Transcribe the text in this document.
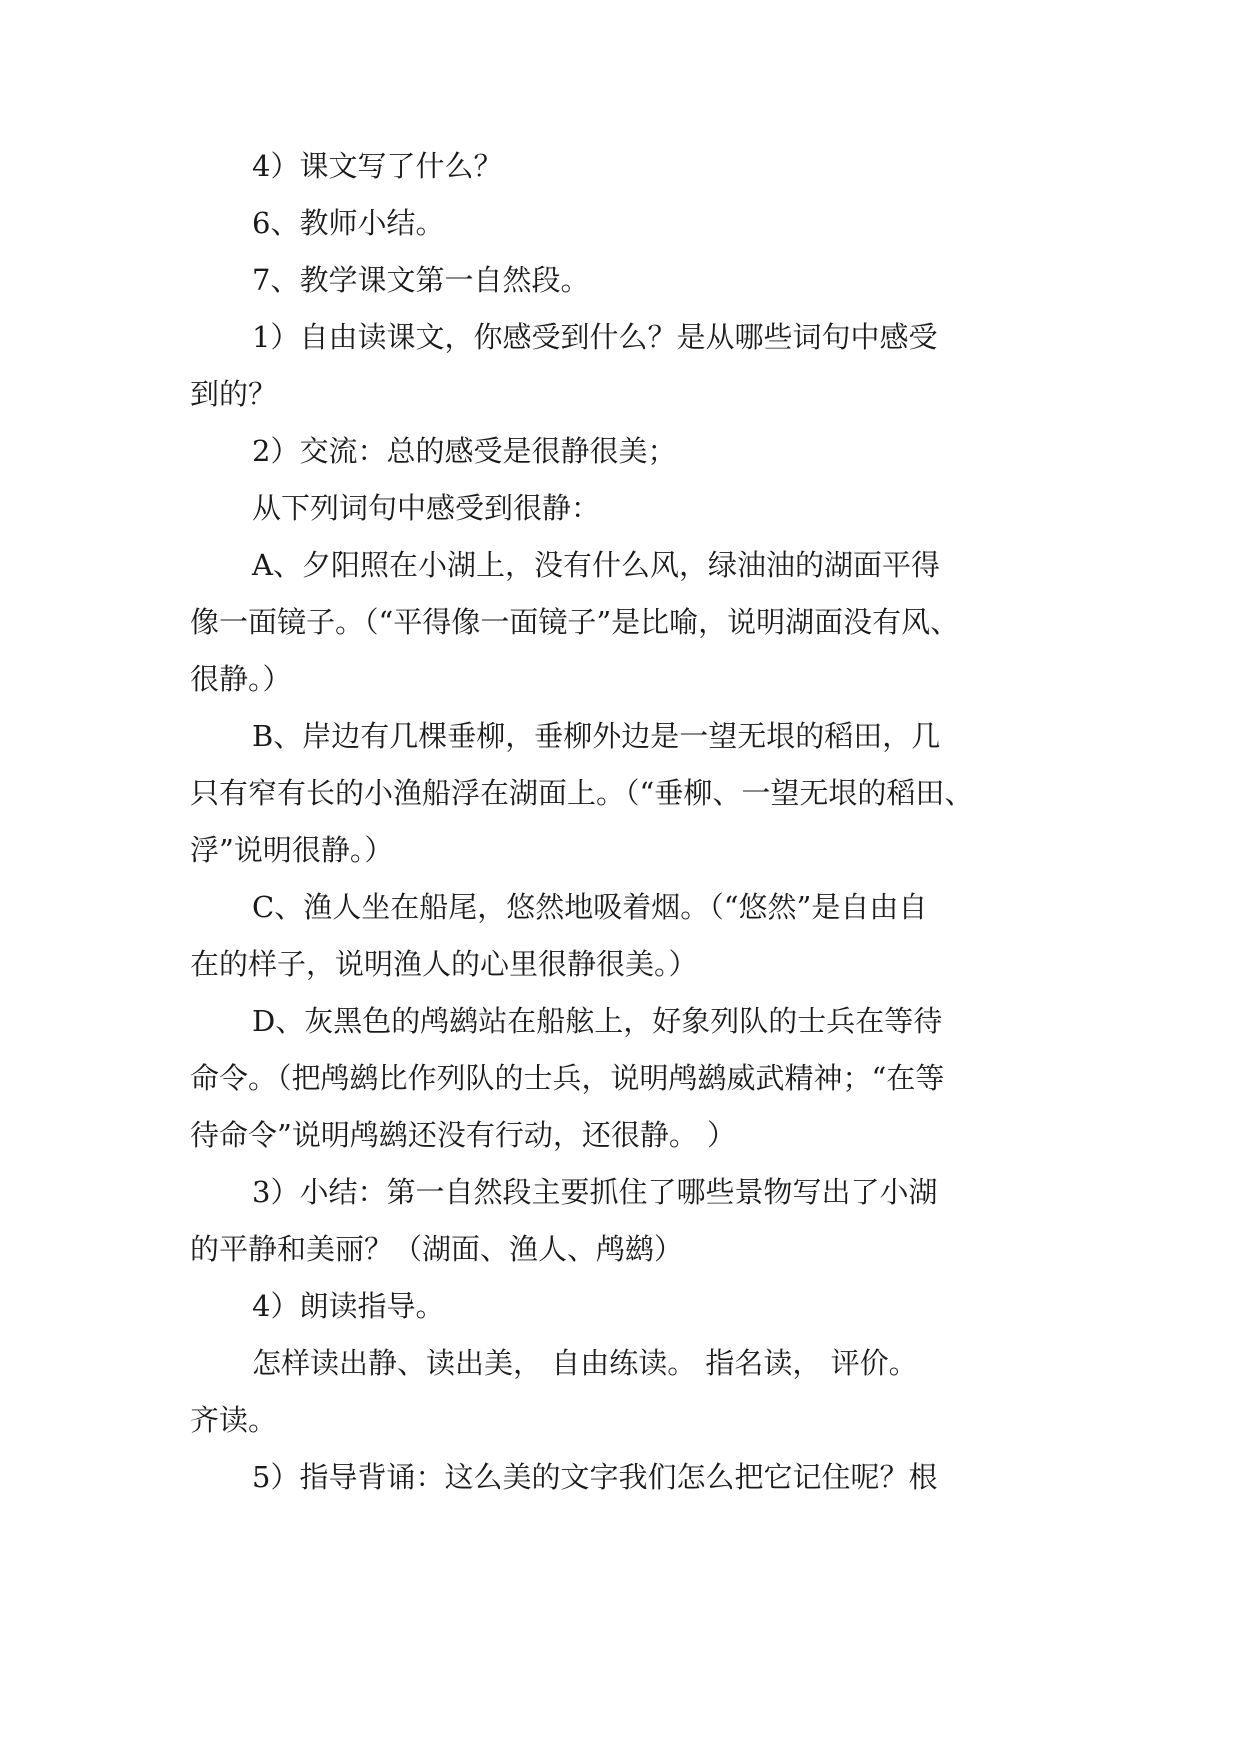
4）课文写了什么？
6、教师小结。
7、教学课文第一自然段。
1）自由读课文，你感受到什么？是从哪些词句中感受
到的？
2）交流：总的感受是很静很美；
从下列词句中感受到很静：
A、夕阳照在小湖上，没有什么风，绿油油的湖面平得
像一面镜子。（“平得像一面镜子”是比喻，说明湖面没有风、
很静。）
B、岸边有几棵垂柳，垂柳外边是一望无垠的稻田，几
只有窄有长的小渔船浮在湖面上。（“垂柳、一望无垠的稻田、
浮”说明很静。）
C、渔人坐在船尾，悠然地吸着烟。（“悠然”是自由自
在的样子，说明渔人的心里很静很美。）
D、灰黑色的鸬鹚站在船舷上，好象列队的士兵在等待
命令。（把鸬鹚比作列队的士兵，说明鸬鹚威武精神；“在等
待命令”说明鸬鹚还没有行动，还很静。 ）
3）小结：第一自然段主要抓住了哪些景物写出了小湖
的平静和美丽？（湖面、渔人、鸬鹚）
4）朗读指导。
怎样读出静、读出美， 自由练读。 指名读， 评价。
齐读。
5）指导背诵：这么美的文字我们怎么把它记住呢？根
